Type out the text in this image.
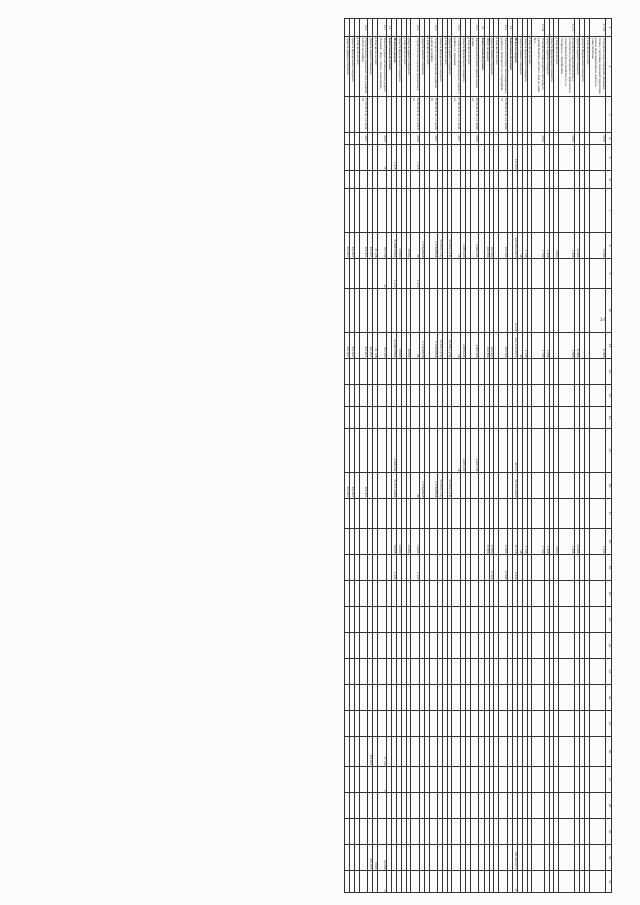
36
1	2	3	4	5	6	7	8	9	10	11	12	13	14	15	16	17	18	19	20	21	22	23	24	25	26	27	28	29	30	31
11.16	Устройство водоотведения ливневых стоков с деталями дворовой территории жилых многоквартирных домов по улице Майская		2016				12 000			11 880							1 000													
	в том числе за счет:																													
	средств федерального бюджета																													
	средств краевого бюджета						12 000			11 880							13 000													
11.17	Устройство пешеходной зоны с установкой остановочного павильона и средствами благоустройства по ул. Гагарина в с. Михайловка		2016				1 696			1 696							1 696													
	в том числе за счет:						4 000										4 000													
	средств федерального бюджета																													
	средств краевого бюджета						1 696			1 696							1 696													
11.18	Устройство пешеходного тротуара от здания бывшего детского сада до дома № 2		2016				1 750			1 750							1 750													
	в том числе за счет:																													
	средств федерального бюджета						1 750			1 750							1 750													
	средств краевого бюджета						48			48							48													
	Итого по разделу			171 050			432 803,79270		12 144	423 575,51074				46 377	45 519,30345		11 776	6 343											389 949,0375	11
12	Капитальный ремонт																													
12.1	Капитальный ремонт многоквартирных домов в г. Находка по ул. Спортивная	05.08.2014 № 1-1-4009-13					102 500			102 500							17 800	17 000												
	в том числе за счет:																													
	средств краевого бюджета						102 500			102 500							17 800	17 000												
	Итого по разделу						102 500			102 500							17 800													
13	Капитальный ремонт																													
13.1	Капитальный ремонт кровли жилых домов	26.02.2014 № 1-1-4096-14	2016				4 905 233			4 905 233				4 495,152																
	в том числе за счет:																													
	средств федерального бюджета						4 905,233			4 905,233				4 495,152																
13.2	Строительство автомобильной дороги в районе ул. Крылова	07.08.2014 № 1-1-4243-14	2017				10			10				18																
	средств краевого бюджета						25 393,1 (74)			25 393,1 (74)					25 393,1 (74)															
	в том числе за счет:																													
	средств федерального бюджета						25 393,1 (74)			25 393,1 (74)					25 393,1 (74)															
13.3	Устройство водоотведения в районе жилой застройки	16.09.2014 № 1-1-4226-16	2017				3 176,82928			3 176,82928					3 176,82928															
	в том числе за счет:																													
	средств краевого бюджета						3 176,82928			3 176,82928					3 176,82928															
13.4	Строительство водовода Дальнегорск	25.09.2014 № 1-1-4316-14	2016	1,173			29	1,173		29					20		14 600	1,123												
	средств краевого бюджета						19 600			19 600							14 600													
	в том числе за счет:																													
	средств федерального бюджета						19 600			19 600							14 600													
	Итого по разделу			1,173			31 809,57802	1,173		31 809,57802				4 498,152	31 811,47802		15 098	1,123												
14	Капитальный ремонт																													
14.1	Реконструкция автомобильной дороги Находка - Лазо - Ольга - Кавалерово		2015	11			703 795	14		702 395															17 726	9			62 086	9
	в том числе за счет:						21 126			21 126																			9 000	
	средств краевого бюджета						871,837			871,837															871,837				871,837	
14.2	Строительство дорожной сети в районе жилой застройки	17.03.2014 № 1-1-4244-13	2017				871,837			871,837					871,837															
	в том числе за счет:																													
	средств федерального бюджета						871,837			871,837					871,837															
	средств краевого бюджета						871,837			871,837					871,837															
